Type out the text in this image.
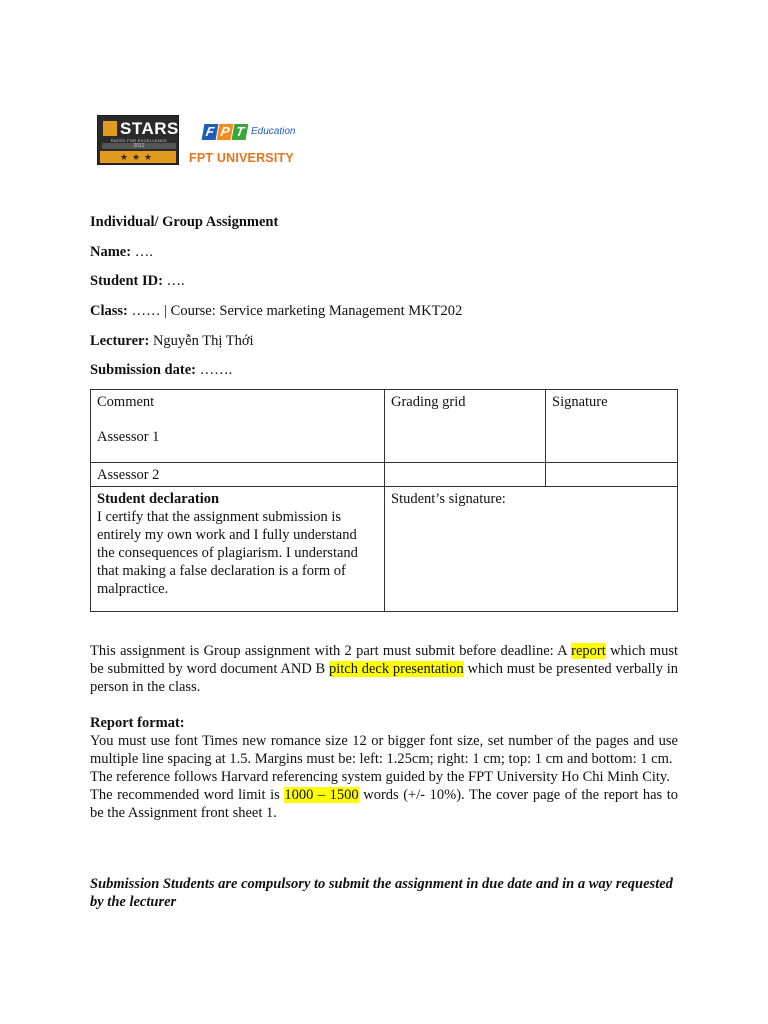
STARS
RATED FOR EXCELLENCE
2012
★★★
F P T Education
FPT UNIVERSITY
Individual/ Group Assignment
Name: ….
Student ID: ….
Class: …… | Course: Service marketing Management MKT202
Lecturer: Nguyễn Thị Thới
Submission date: …….
Comment
Assessor 1
Grading grid	Signature
Assessor 2
Student declaration
I certify that the assignment submission is entirely my own work and I fully understand the consequences of plagiarism. I understand that making a false declaration is a form of malpractice.
Student’s signature:
This assignment is Group assignment with 2 part must submit before deadline: A report which must be submitted by word document AND B pitch deck presentation which must be presented verbally in person in the class.
Report format:
You must use font Times new romance size 12 or bigger font size, set number of the pages and use multiple line spacing at 1.5. Margins must be: left: 1.25cm; right: 1 cm; top: 1 cm and bottom: 1 cm.
The reference follows Harvard referencing system guided by the FPT University Ho Chi Minh City.
The recommended word limit is 1000 – 1500 words (+/- 10%). The cover page of the report has to be the Assignment front sheet 1.
Submission Students are compulsory to submit the assignment in due date and in a way requested by the lecturer
